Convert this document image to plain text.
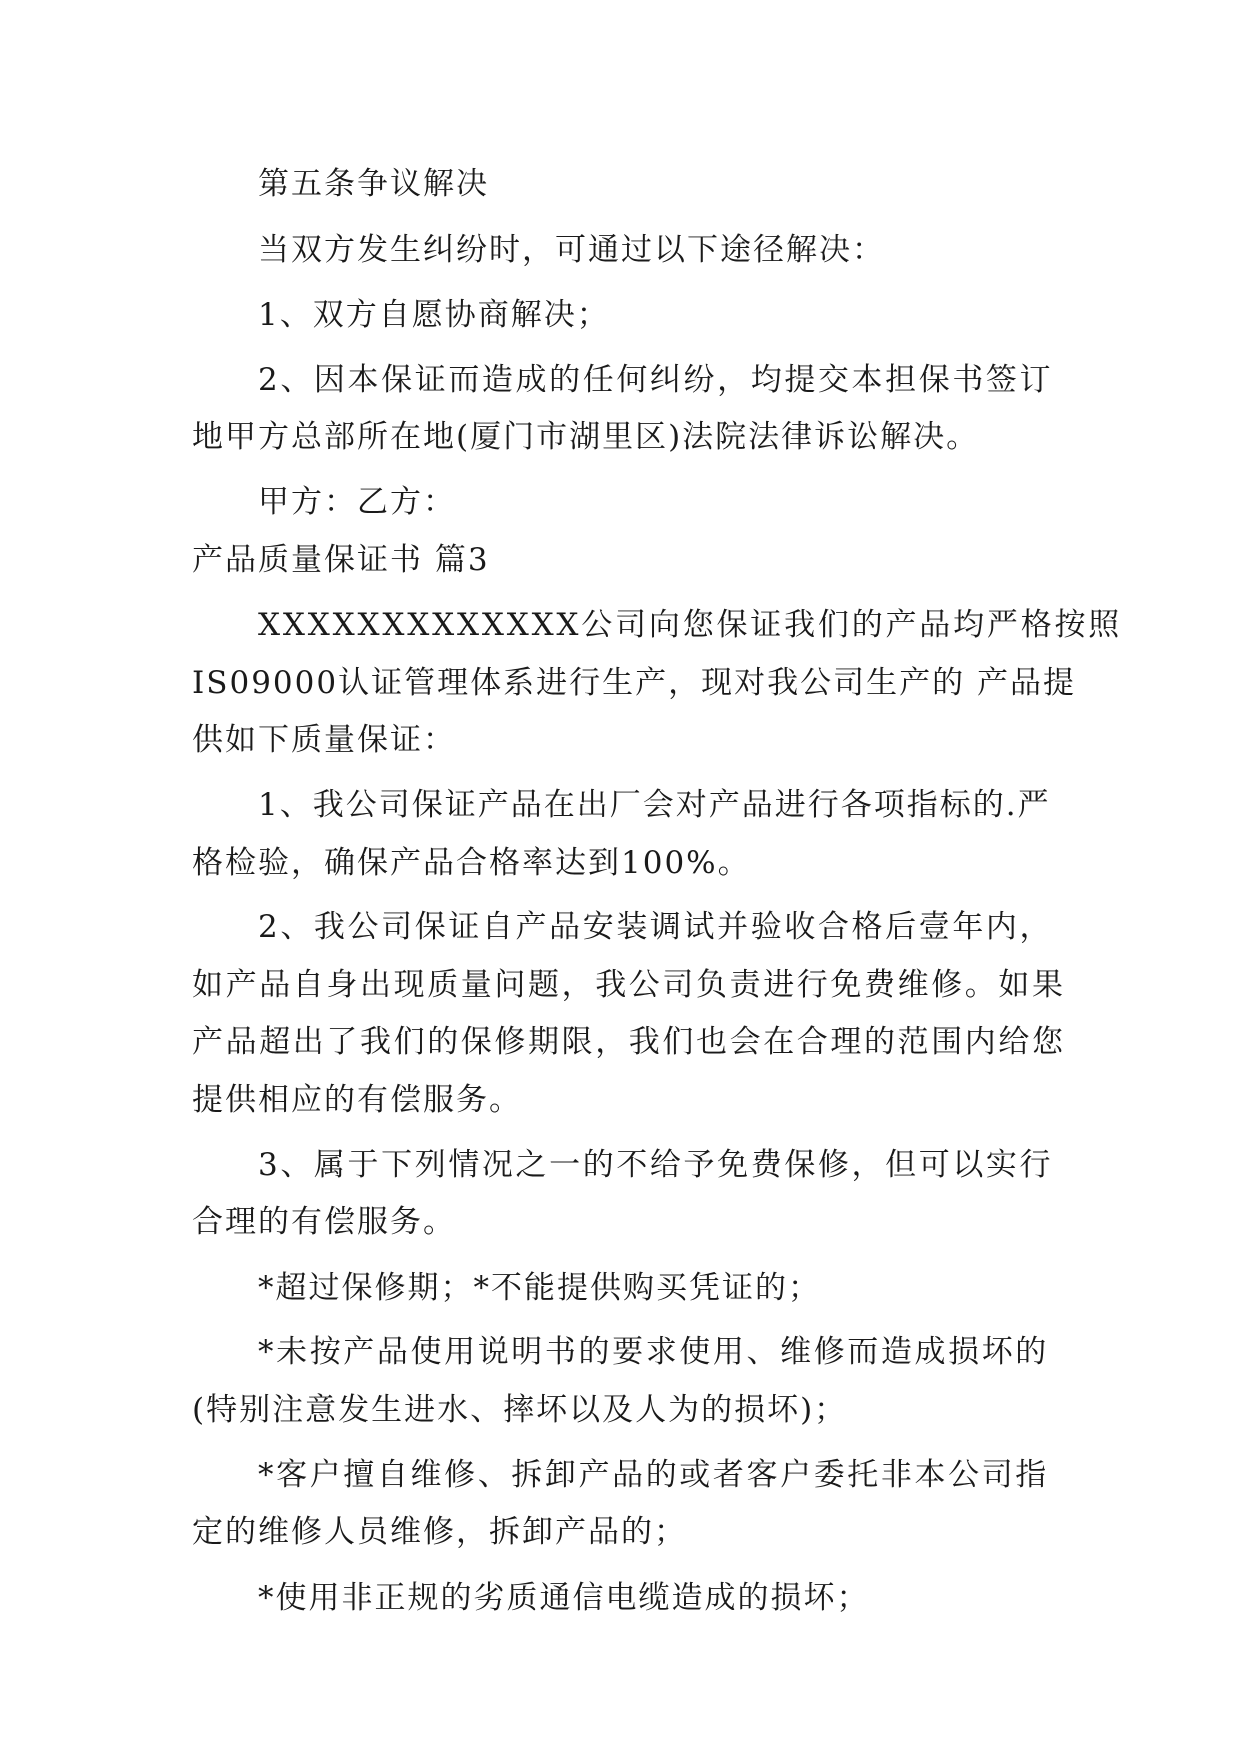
第五条争议解决
当双方发生纠纷时，可通过以下途径解决：
1、双方自愿协商解决；
2、因本保证而造成的任何纠纷，均提交本担保书签订
地甲方总部所在地(厦门市湖里区)法院法律诉讼解决。
甲方：乙方：
产品质量保证书 篇3
XXXXXXXXXXXXX公司向您保证我们的产品均严格按照
IS09000认证管理体系进行生产，现对我公司生产的 产品提
供如下质量保证：
1、我公司保证产品在出厂会对产品进行各项指标的.严
格检验，确保产品合格率达到100%。
2、我公司保证自产品安装调试并验收合格后壹年内，
如产品自身出现质量问题，我公司负责进行免费维修。如果
产品超出了我们的保修期限，我们也会在合理的范围内给您
提供相应的有偿服务。
3、属于下列情况之一的不给予免费保修，但可以实行
合理的有偿服务。
*超过保修期；*不能提供购买凭证的；
*未按产品使用说明书的要求使用、维修而造成损坏的
(特别注意发生进水、摔坏以及人为的损坏)；
*客户擅自维修、拆卸产品的或者客户委托非本公司指
定的维修人员维修，拆卸产品的；
*使用非正规的劣质通信电缆造成的损坏；
